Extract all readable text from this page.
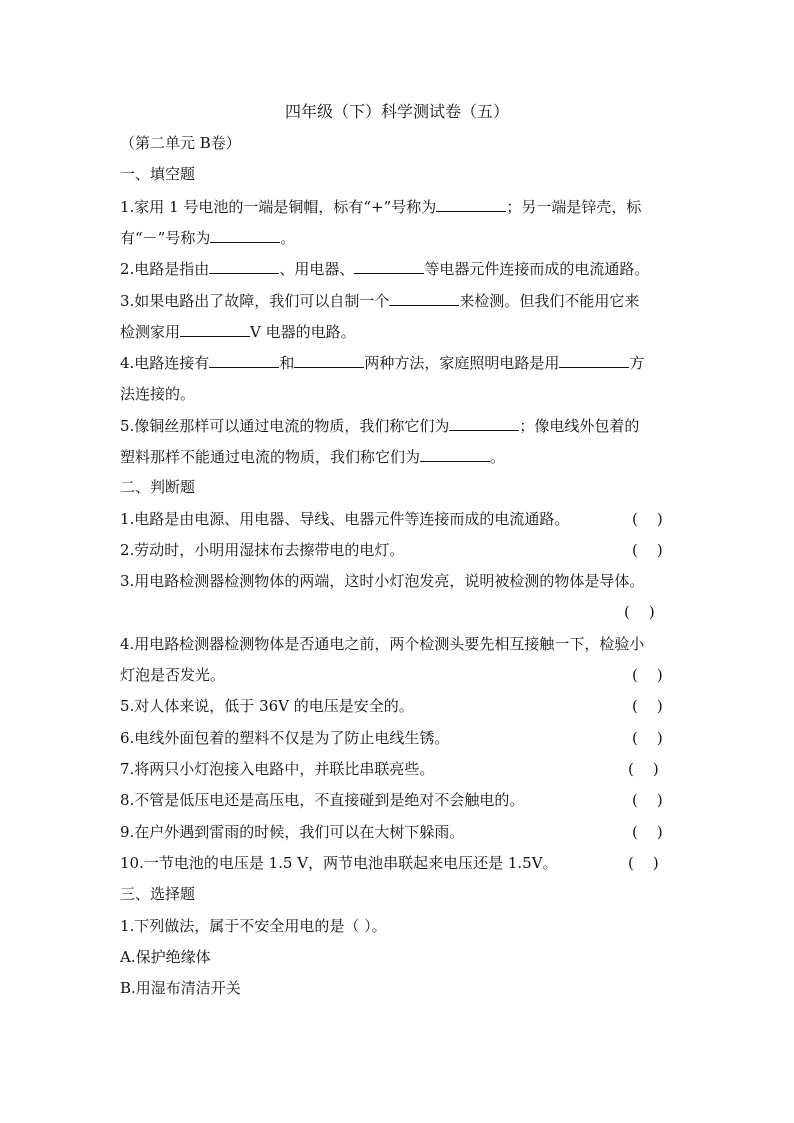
四年级（下）科学测试卷（五）
（第二单元 B卷）
一、填空题
1.家用 1 号电池的一端是铜帽，标有“+”号称为	；另一端是锌壳，标
有“－”号称为	。
2.电路是指由	、用电器、	等电器元件连接而成的电流通路。
3.如果电路出了故障，我们可以自制一个	来检测。但我们不能用它来
检测家用	V 电器的电路。
4.电路连接有	和	两种方法，家庭照明电路是用	方
法连接的。
5.像铜丝那样可以通过电流的物质，我们称它们为	；像电线外包着的
塑料那样不能通过电流的物质，我们称它们为	。
二、判断题
1.电路是由电源、用电器、导线、电器元件等连接而成的电流通路。	(    )
2.劳动时，小明用湿抹布去擦带电的电灯。	(    )
3.用电路检测器检测物体的两端，这时小灯泡发亮，说明被检测的物体是导体。
(    )
4.用电路检测器检测物体是否通电之前，两个检测头要先相互接触一下，检验小
灯泡是否发光。	(    )
5.对人体来说，低于 36V 的电压是安全的。	(    )
6.电线外面包着的塑料不仅是为了防止电线生锈。	(    )
7.将两只小灯泡接入电路中，并联比串联亮些。	(    )
8.不管是低压电还是高压电，不直接碰到是绝对不会触电的。	(    )
9.在户外遇到雷雨的时候，我们可以在大树下躲雨。	(    )
10.一节电池的电压是 1.5 V，两节电池串联起来电压还是 1.5V。	(    )
三、选择题
1.下列做法，属于不安全用电的是（ ）。
A.保护绝缘体
B.用湿布清洁开关
